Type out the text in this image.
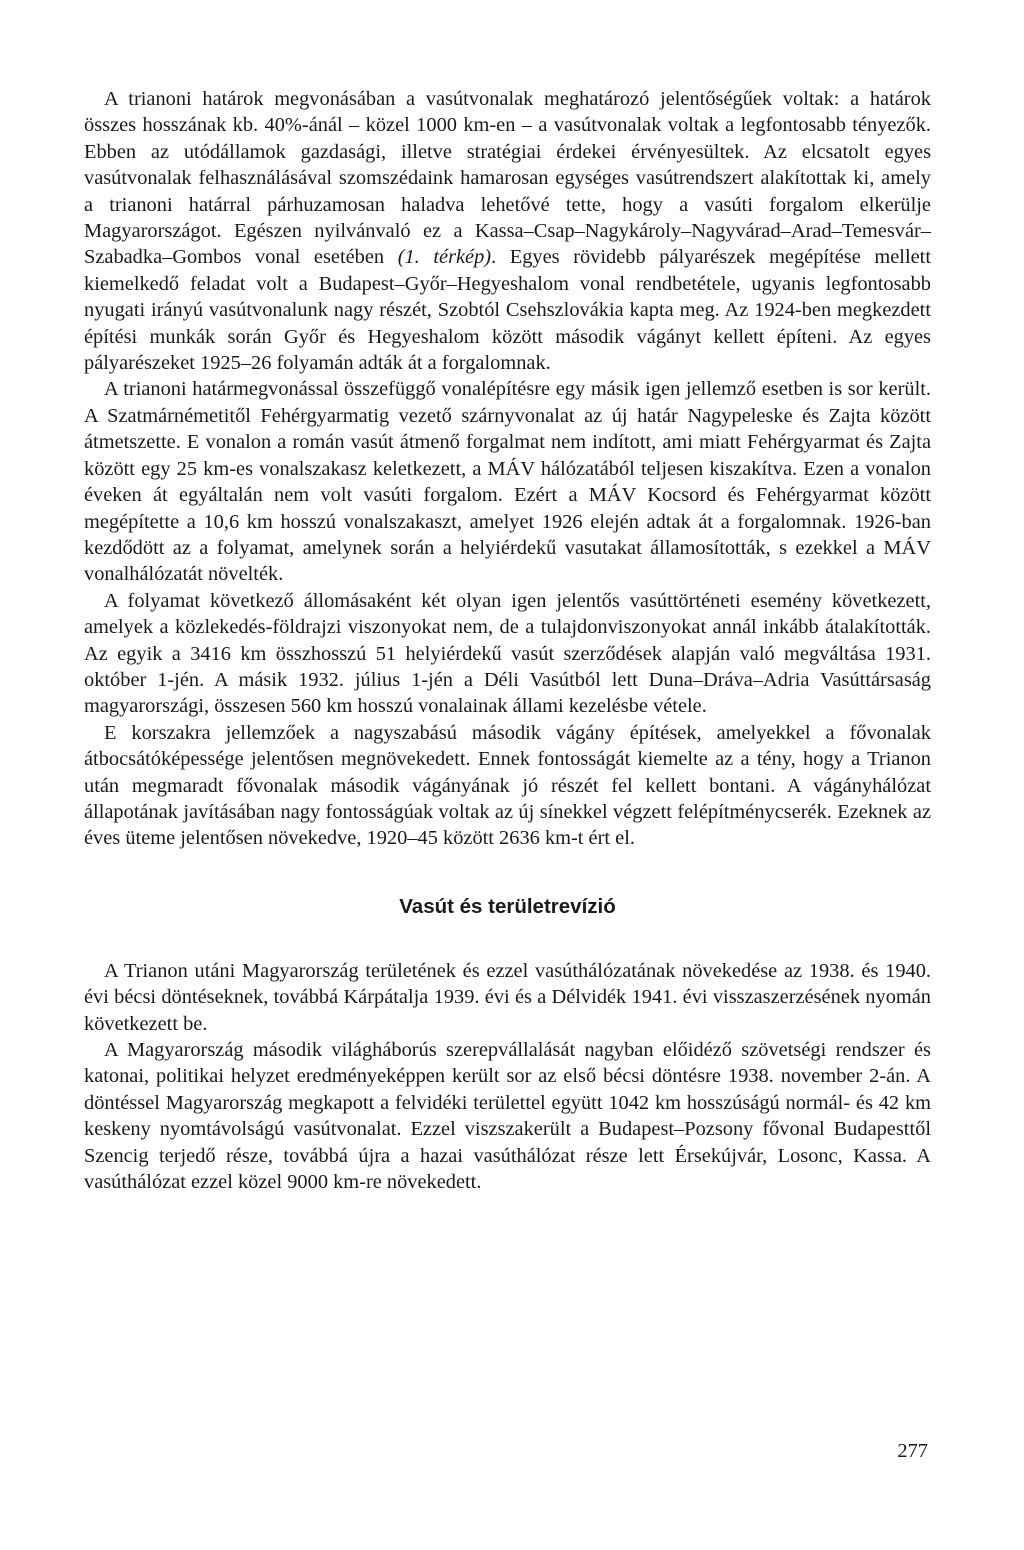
A trianoni határok megvonásában a vasútvonalak meghatározó jelentőségűek voltak: a határok összes hosszának kb. 40%-ánál – közel 1000 km-en – a vasútvonalak voltak a legfontosabb tényezők. Ebben az utódállamok gazdasági, illetve stratégiai érdekei érvényesültek. Az elcsatolt egyes vasútvonalak felhasználásával szomszédaink hamarosan egységes vasútrendszert alakítottak ki, amely a trianoni határral párhuzamosan haladva lehetővé tette, hogy a vasúti forgalom elkerülje Magyarországot. Egészen nyilvánvaló ez a Kassa–Csap–Nagykároly–Nagyvárad–Arad–Temesvár–Szabadka–Gombos vonal esetében (1. térkép). Egyes rövidebb pályarészek megépítése mellett kiemelkedő feladat volt a Budapest–Győr–Hegyeshalom vonal rendbetétele, ugyanis legfontosabb nyugati irányú vasútvonalunk nagy részét, Szobtól Csehszlovákia kapta meg. Az 1924-ben megkezdett építési munkák során Győr és Hegyeshalom között második vágányt kellett építeni. Az egyes pályarészeket 1925–26 folyamán adták át a forgalomnak.

A trianoni határmegvonással összefüggő vonalépítésre egy másik igen jellemző esetben is sor került. A Szatmárnémetitől Fehérgyarmatig vezető szárnyvonalat az új határ Nagypeleske és Zajta között átmetszette. E vonalon a román vasút átmenő forgalmat nem indított, ami miatt Fehérgyarmat és Zajta között egy 25 km-es vonalszakasz keletkezett, a MÁV hálózatából teljesen kiszakítva. Ezen a vonalon éveken át egyáltalán nem volt vasúti forgalom. Ezért a MÁV Kocsord és Fehérgyarmat között megépítette a 10,6 km hosszú vonalszakaszt, amelyet 1926 elején adtak át a forgalomnak. 1926-ban kezdődött az a folyamat, amelynek során a helyiérdekű vasutakat államosították, s ezekkel a MÁV vonalhálózatát növelték.

A folyamat következő állomásaként két olyan igen jelentős vasúttörténeti esemény következett, amelyek a közlekedés-földrajzi viszonyokat nem, de a tulajdonviszonyokat annál inkább átalakították. Az egyik a 3416 km összhosszú 51 helyiérdekű vasút szerződések alapján való megváltása 1931. október 1-jén. A másik 1932. július 1-jén a Déli Vasútból lett Duna–Dráva–Adria Vasúttársaság magyarországi, összesen 560 km hosszú vonalainak állami kezelésbe vétele.

E korszakra jellemzőek a nagyszabású második vágány építések, amelyekkel a fővonalak átbocsátóképessége jelentősen megnövekedett. Ennek fontosságát kiemelte az a tény, hogy a Trianon után megmaradt fővonalak második vágányának jó részét fel kellett bontani. A vágányhálózat állapotának javításában nagy fontosságúak voltak az új sínekkel végzett felépítménycserék. Ezeknek az éves üteme jelentősen növekedve, 1920–45 között 2636 km-t ért el.

Vasút és területrevízió

A Trianon utáni Magyarország területének és ezzel vasúthálózatának növekedése az 1938. és 1940. évi bécsi döntéseknek, továbbá Kárpátalja 1939. évi és a Délvidék 1941. évi visszaszerzésének nyomán következett be.

A Magyarország második világháborús szerepvállalását nagyban előidéző szövetségi rendszer és katonai, politikai helyzet eredményeképpen került sor az első bécsi döntésre 1938. november 2-án. A döntéssel Magyarország megkapott a felvidéki területtel együtt 1042 km hosszúságú normál- és 42 km keskeny nyomtávolságú vasútvonalat. Ezzel viszszakerült a Budapest–Pozsony fővonal Budapesttől Szencig terjedő része, továbbá újra a hazai vasúthálózat része lett Érsekújvár, Losonc, Kassa. A vasúthálózat ezzel közel 9000 km-re növekedett.

277
